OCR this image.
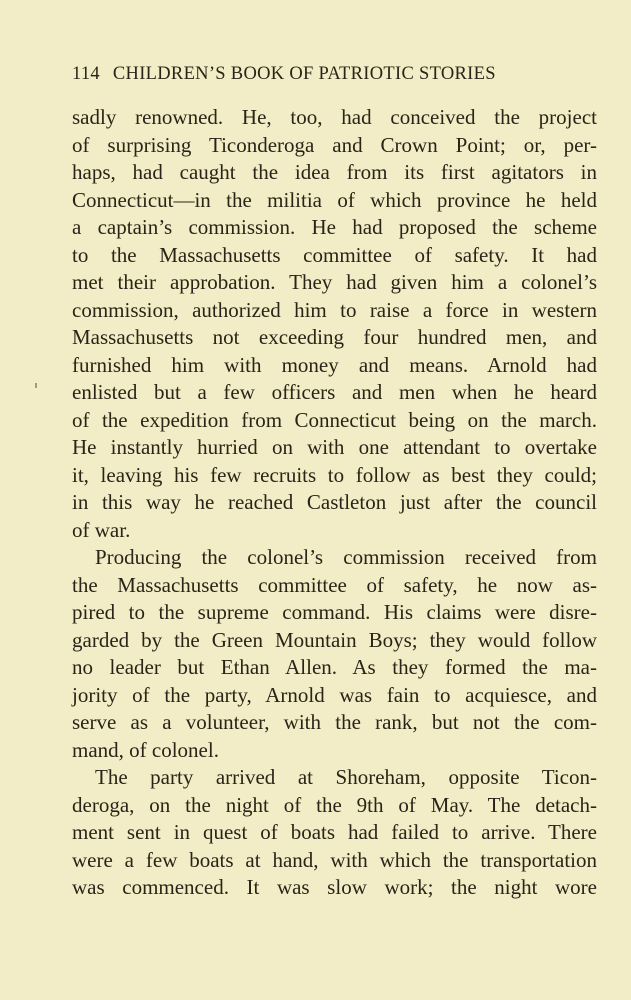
114 CHILDREN’S BOOK OF PATRIOTIC STORIES
sadly renowned. He, too, had conceived the project
of surprising Ticonderoga and Crown Point; or, per-
haps, had caught the idea from its first agitators in
Connecticut—in the militia of which province he held
a captain’s commission. He had proposed the scheme
to the Massachusetts committee of safety. It had
met their approbation. They had given him a colonel’s
commission, authorized him to raise a force in western
Massachusetts not exceeding four hundred men, and
furnished him with money and means. Arnold had
enlisted but a few officers and men when he heard
of the expedition from Connecticut being on the march.
He instantly hurried on with one attendant to overtake
it, leaving his few recruits to follow as best they could;
in this way he reached Castleton just after the council
of war.
Producing the colonel’s commission received from
the Massachusetts committee of safety, he now as-
pired to the supreme command. His claims were disre-
garded by the Green Mountain Boys; they would follow
no leader but Ethan Allen. As they formed the ma-
jority of the party, Arnold was fain to acquiesce, and
serve as a volunteer, with the rank, but not the com-
mand, of colonel.
The party arrived at Shoreham, opposite Ticon-
deroga, on the night of the 9th of May. The detach-
ment sent in quest of boats had failed to arrive. There
were a few boats at hand, with which the transportation
was commenced. It was slow work; the night wore
